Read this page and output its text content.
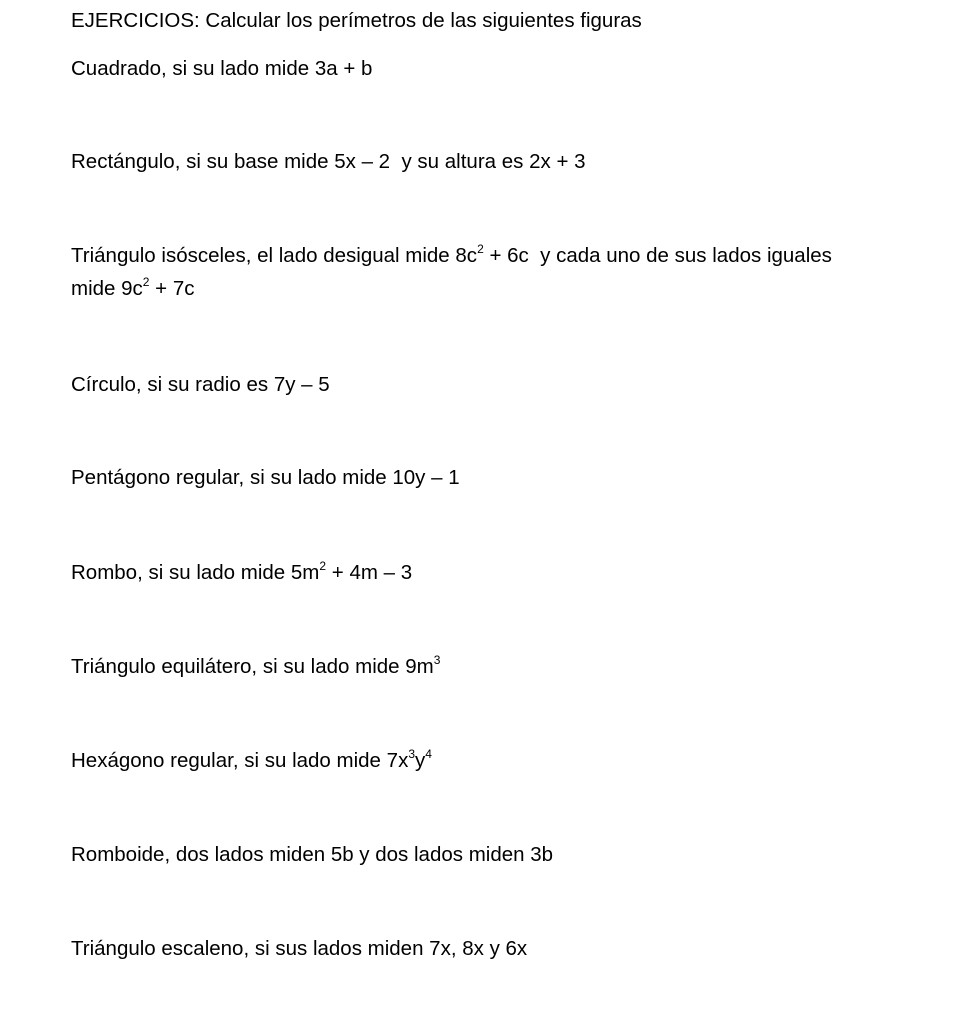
EJERCICIOS: Calcular los perímetros de las siguientes figuras
Cuadrado, si su lado mide 3a + b
Rectángulo, si su base mide 5x – 2  y su altura es 2x + 3
Triángulo isósceles, el lado desigual mide $8c^2 + 6c$  y cada uno de sus lados iguales
mide $9c^2 + 7c$
Círculo, si su radio es 7y – 5
Pentágono regular, si su lado mide 10y – 1
Rombo, si su lado mide $5m^2 + 4m - 3$
Triángulo equilátero, si su lado mide $9m^3$
Hexágono regular, si su lado mide $7x^3y^4$
Romboide, dos lados miden 5b y dos lados miden 3b
Triángulo escaleno, si sus lados miden 7x, 8x y 6x
